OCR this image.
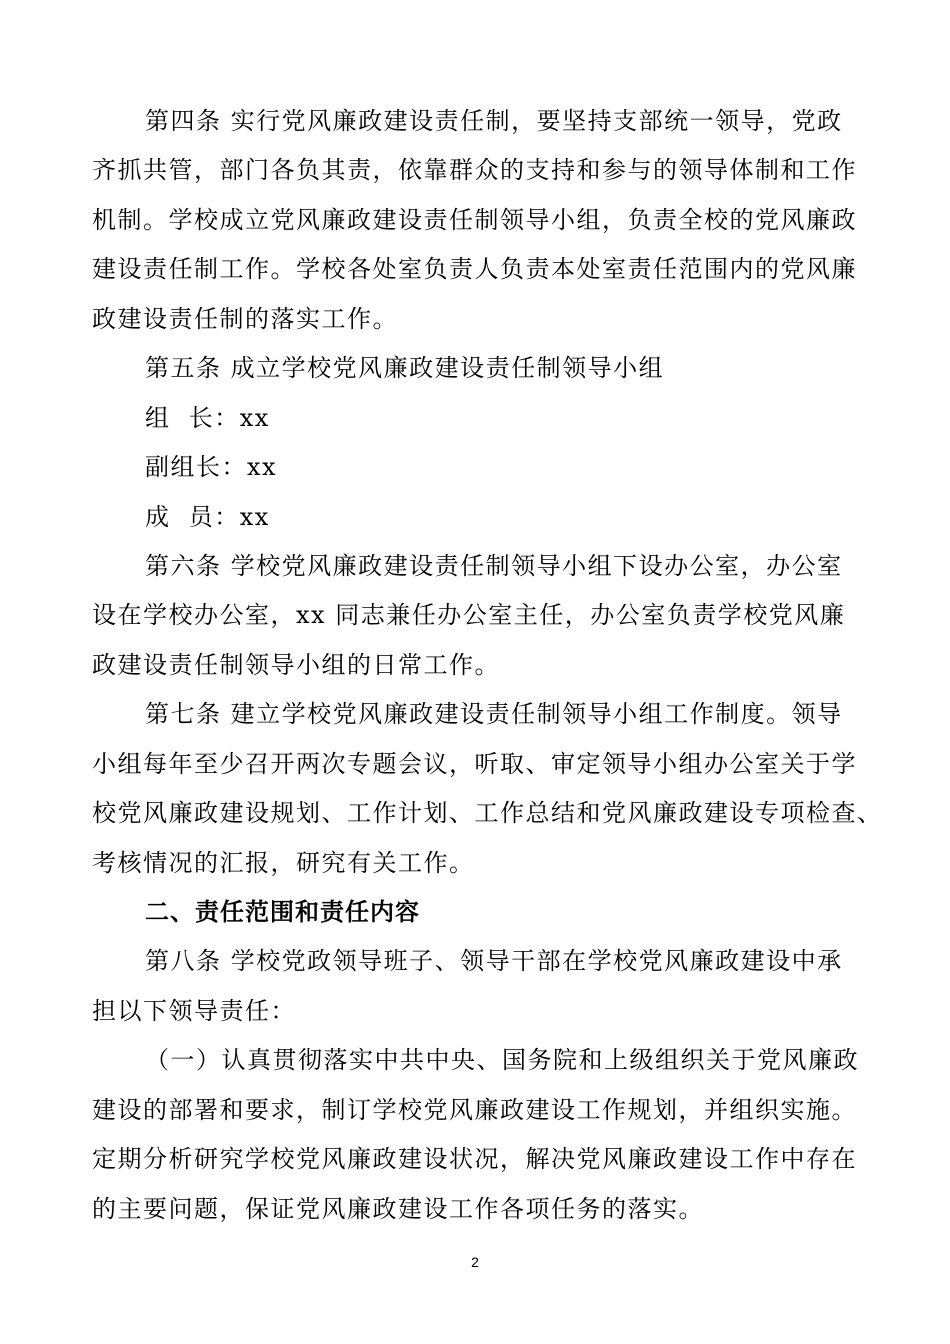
第四条 实行党风廉政建设责任制，要坚持支部统一领导，党政
齐抓共管，部门各负其责，依靠群众的支持和参与的领导体制和工作
机制。学校成立党风廉政建设责任制领导小组，负责全校的党风廉政
建设责任制工作。学校各处室负责人负责本处室责任范围内的党风廉
政建设责任制的落实工作。
第五条 成立学校党风廉政建设责任制领导小组
组  长：xx
副组长：xx
成  员：xx
第六条 学校党风廉政建设责任制领导小组下设办公室，办公室
设在学校办公室，xx 同志兼任办公室主任，办公室负责学校党风廉
政建设责任制领导小组的日常工作。
第七条 建立学校党风廉政建设责任制领导小组工作制度。领导
小组每年至少召开两次专题会议，听取、审定领导小组办公室关于学
校党风廉政建设规划、工作计划、工作总结和党风廉政建设专项检查、
考核情况的汇报，研究有关工作。
二、责任范围和责任内容
第八条 学校党政领导班子、领导干部在学校党风廉政建设中承
担以下领导责任：
（一）认真贯彻落实中共中央、国务院和上级组织关于党风廉政
建设的部署和要求，制订学校党风廉政建设工作规划，并组织实施。
定期分析研究学校党风廉政建设状况，解决党风廉政建设工作中存在
的主要问题，保证党风廉政建设工作各项任务的落实。
2
